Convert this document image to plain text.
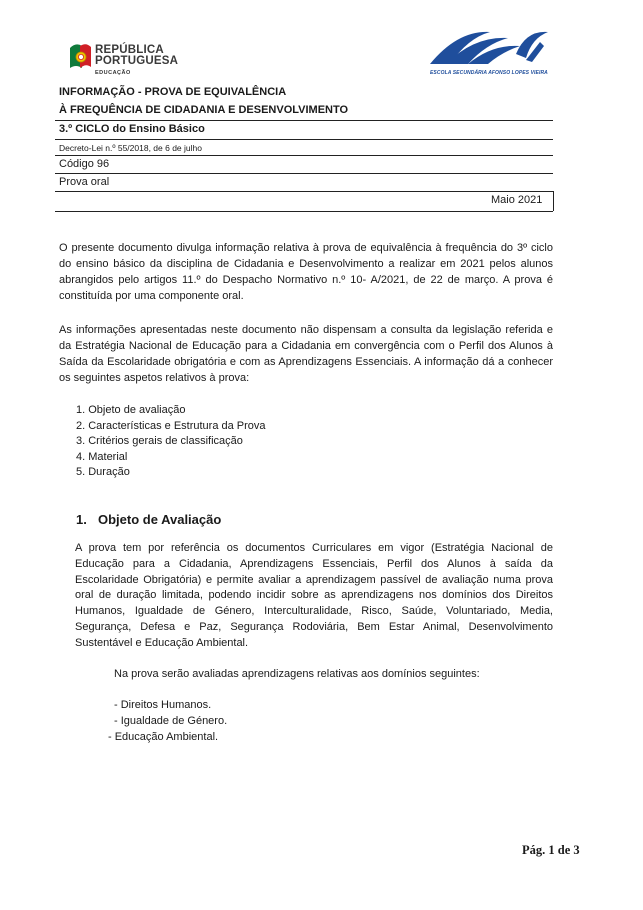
REPÚBLICA
PORTUGUESA
EDUCAÇÃO	ESCOLA SECUNDÁRIA AFONSO LOPES VIEIRA
INFORMAÇÃO - PROVA DE EQUIVALÊNCIA
À FREQUÊNCIA DE CIDADANIA E DESENVOLVIMENTO
3.º CICLO do Ensino Básico
Decreto-Lei n.º 55/2018, de 6 de julho
Código 96
Prova oral
Maio 2021
O presente documento divulga informação relativa à prova de equivalência à frequência do 3º ciclo do ensino básico da disciplina de Cidadania e Desenvolvimento a realizar em 2021 pelos alunos abrangidos pelo artigos 11.º do Despacho Normativo n.º 10- A/2021, de 22 de março. A prova é constituída por uma componente oral.
As informações apresentadas neste documento não dispensam a consulta da legislação referida e da Estratégia Nacional de Educação para a Cidadania em convergência com o Perfil dos Alunos à Saída da Escolaridade obrigatória e com as Aprendizagens Essenciais. A informação dá a conhecer os seguintes aspetos relativos à prova:
1. Objeto de avaliação
2. Características e Estrutura da Prova
3. Critérios gerais de classificação
4. Material
5. Duração
1. Objeto de Avaliação
A prova tem por referência os documentos Curriculares em vigor (Estratégia Nacional de Educação para a Cidadania, Aprendizagens Essenciais, Perfil dos Alunos à saída da Escolaridade Obrigatória) e permite avaliar a aprendizagem passível de avaliação numa prova oral de duração limitada, podendo incidir sobre as aprendizagens nos domínios dos Direitos Humanos, Igualdade de Género, Interculturalidade, Risco, Saúde, Voluntariado, Media, Segurança, Defesa e Paz, Segurança Rodoviária, Bem Estar Animal, Desenvolvimento Sustentável e Educação Ambiental.
Na prova serão avaliadas aprendizagens relativas aos domínios seguintes:
- Direitos Humanos.
- Igualdade de Género.
- Educação Ambiental.
Pág. 1 de 3
